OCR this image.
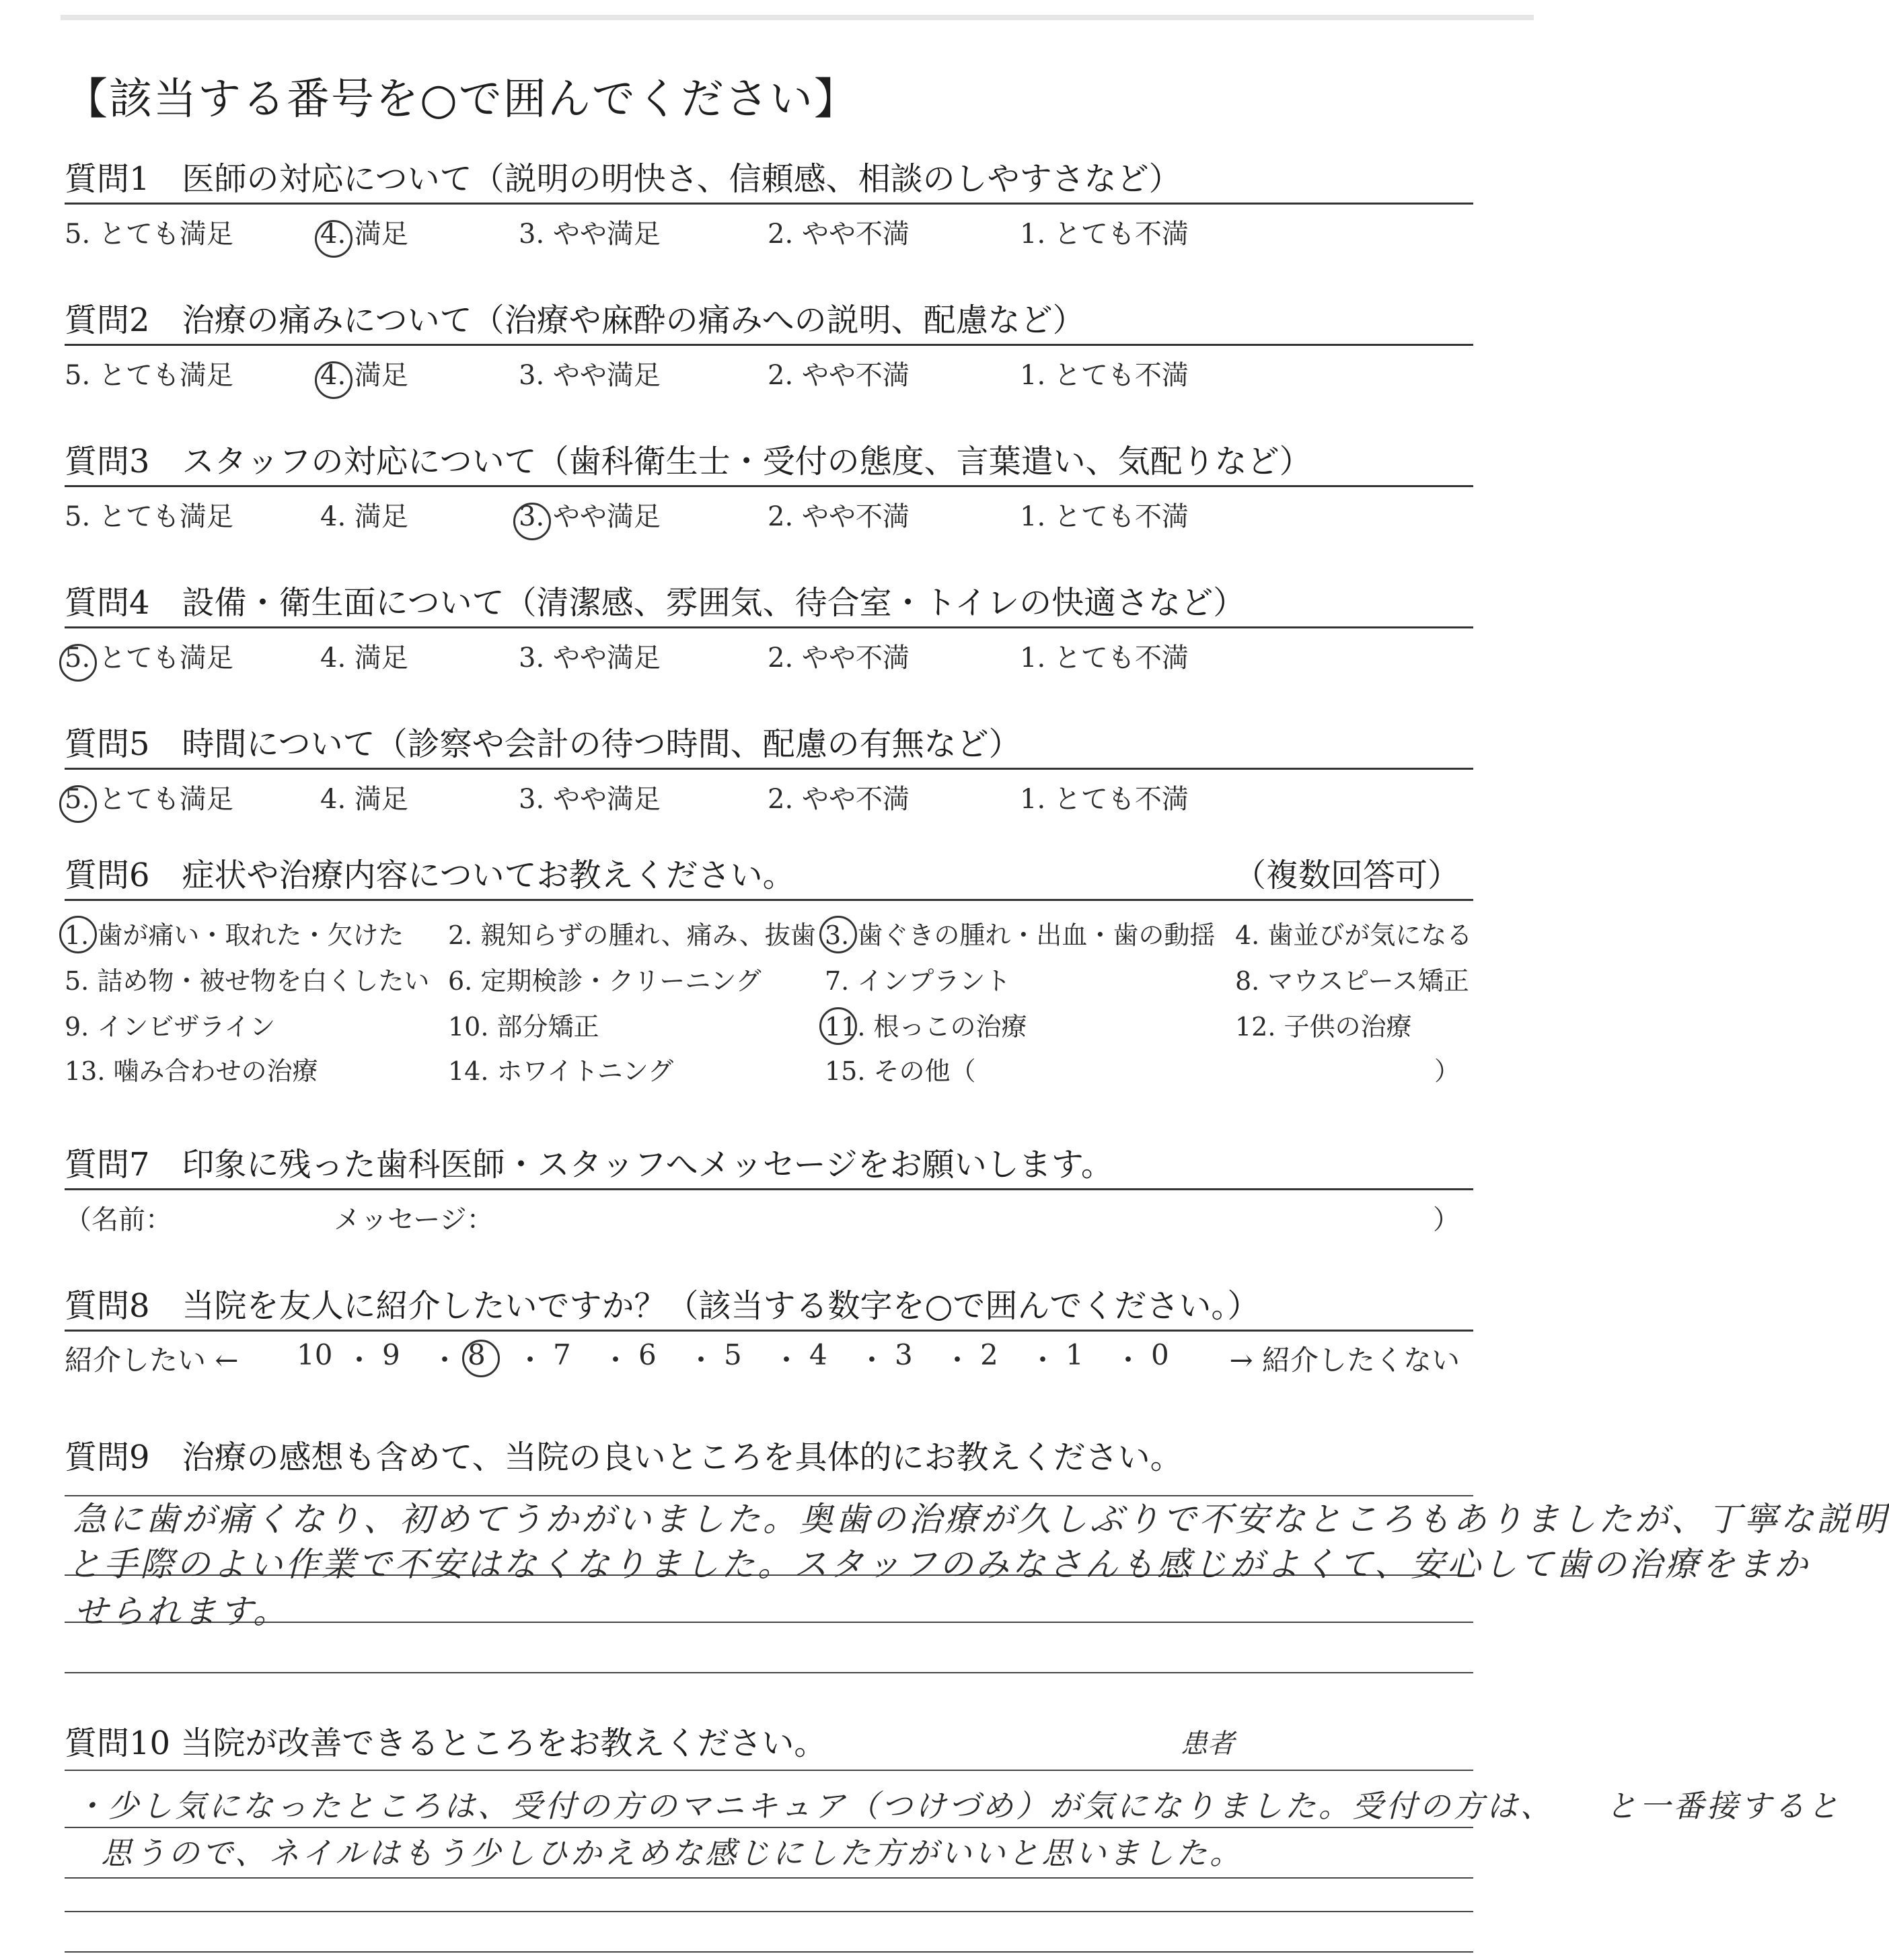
【該当する番号を○で囲んでください】
質問1　医師の対応について（説明の明快さ、信頼感、相談のしやすさなど）
5. とても満足	4. 満足	3. やや満足	2. やや不満	1. とても不満
質問2　治療の痛みについて（治療や麻酔の痛みへの説明、配慮など）
5. とても満足	4. 満足	3. やや満足	2. やや不満	1. とても不満
質問3　スタッフの対応について（歯科衛生士・受付の態度、言葉遣い、気配りなど）
5. とても満足	4. 満足	3. やや満足	2. やや不満	1. とても不満
質問4　設備・衛生面について（清潔感、雰囲気、待合室・トイレの快適さなど）
5. とても満足	4. 満足	3. やや満足	2. やや不満	1. とても不満
質問5　時間について（診察や会計の待つ時間、配慮の有無など）
5. とても満足	4. 満足	3. やや満足	2. やや不満	1. とても不満
質問6　症状や治療内容についてお教えください。	（複数回答可）
）
1. 歯が痛い・取れた・欠けた 2. 親知らずの腫れ、痛み、抜歯 3. 歯ぐきの腫れ・出血・歯の動揺 4. 歯並びが気になる
5. 詰め物・被せ物を白くしたい 6. 定期検診・クリーニング 7. インプラント	8. マウスピース矯正
9. インビザライン	10. 部分矯正	11. 根っこの治療	12. 子供の治療
13. 噛み合わせの治療	14. ホワイトニング	15. その他（
質問7　印象に残った歯科医師・スタッフへメッセージをお願いします。
（名前：	メッセージ：	）
質問8　当院を友人に紹介したいですか？（該当する数字を○で囲んでください。）
紹介したい ←	→ 紹介したくない
10 ・ 9 ・ 8 ・ 7 ・ 6 ・ 5 ・ 4 ・ 3 ・ 2 ・ 1 ・ 0
質問9　治療の感想も含めて、当院の良いところを具体的にお教えください。
急に歯が痛くなり、初めてうかがいました。奥歯の治療が久しぶりで不安なところもありましたが、丁寧な説明
と手際のよい作業で不安はなくなりました。スタッフのみなさんも感じがよくて、安心して歯の治療をまか
せられます。
質問10 当院が改善できるところをお教えください。	患者
・少し気になったところは、受付の方のマニキュア（つけづめ）が気になりました。受付の方は、　　と一番接すると
思うので、ネイルはもう少しひかえめな感じにした方がいいと思いました。
